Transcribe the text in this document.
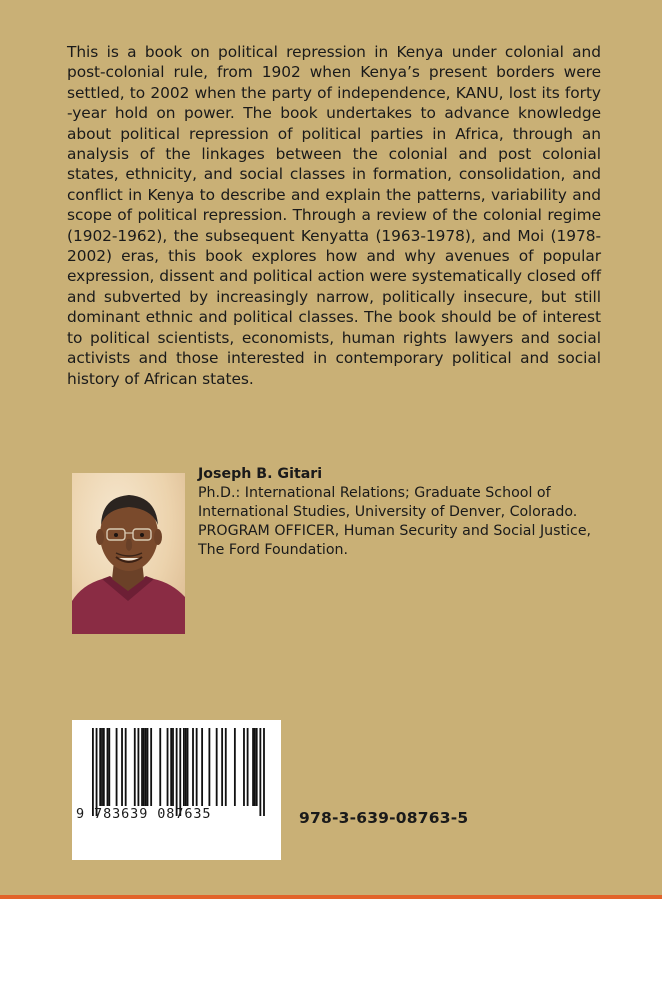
This is a book on political repression in Kenya under colonial and post-colonial rule, from 1902 when Kenya’s present borders were settled, to 2002 when the party of independence, KANU, lost its forty -year hold on power. The book undertakes to advance knowledge about political repression of political parties in Africa, through an analysis of the linkages between the colonial and post colonial states, ethnicity, and social classes in formation, consolidation, and conflict in Kenya to describe and explain the patterns, variability and scope of political repression. Through a review of the colonial regime (1902-1962), the subsequent Kenyatta (1963-1978), and Moi (1978-2002) eras, this book explores how and why avenues of popular expression, dissent and political action were systematically closed off and subverted by increasingly narrow, politically insecure, but still dominant ethnic and political classes. The book should be of interest to political scientists, economists, human rights lawyers and social activists and those interested in contemporary political and social history of African states.

Joseph B. Gitari
Ph.D.: International Relations; Graduate School of
International Studies, University of Denver, Colorado.
PROGRAM OFFICER, Human Security and Social Justice,
The Ford Foundation.
9 783639 087635	978-3-639-08763-5
